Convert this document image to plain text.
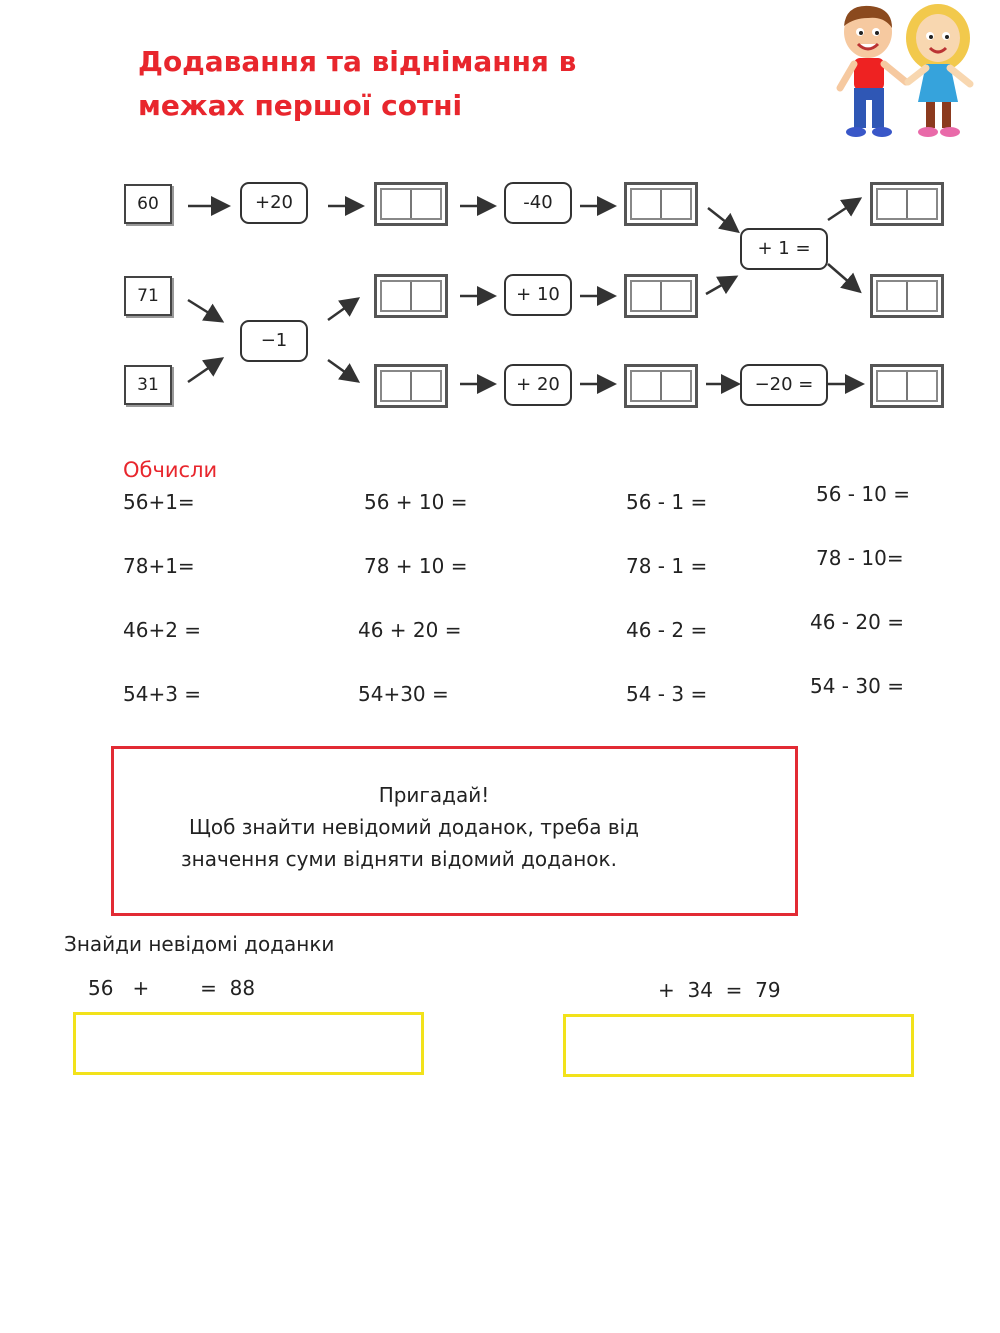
Додавання та віднімання в
межах першої сотні
60
71
31
+20	-40
−1
+ 10
+ 20
+ 1 =
−20 =
Обчисли
56+1=	56 + 10 =	56 - 1 =	56 - 10 =
78+1=	78 + 10 =	78 - 1 =	78 - 10=
46+2 =	46 + 20 =	46 - 2 =	46 - 20 =
54+3 =	54+30 =	54 - 3 =	54 - 30 =

Пригадай!

Щоб знайти невідомий доданок, треба від

значення суми відняти відомий доданок.

Знайди невідомі доданки
56   +        =  88	+  34  =  79
